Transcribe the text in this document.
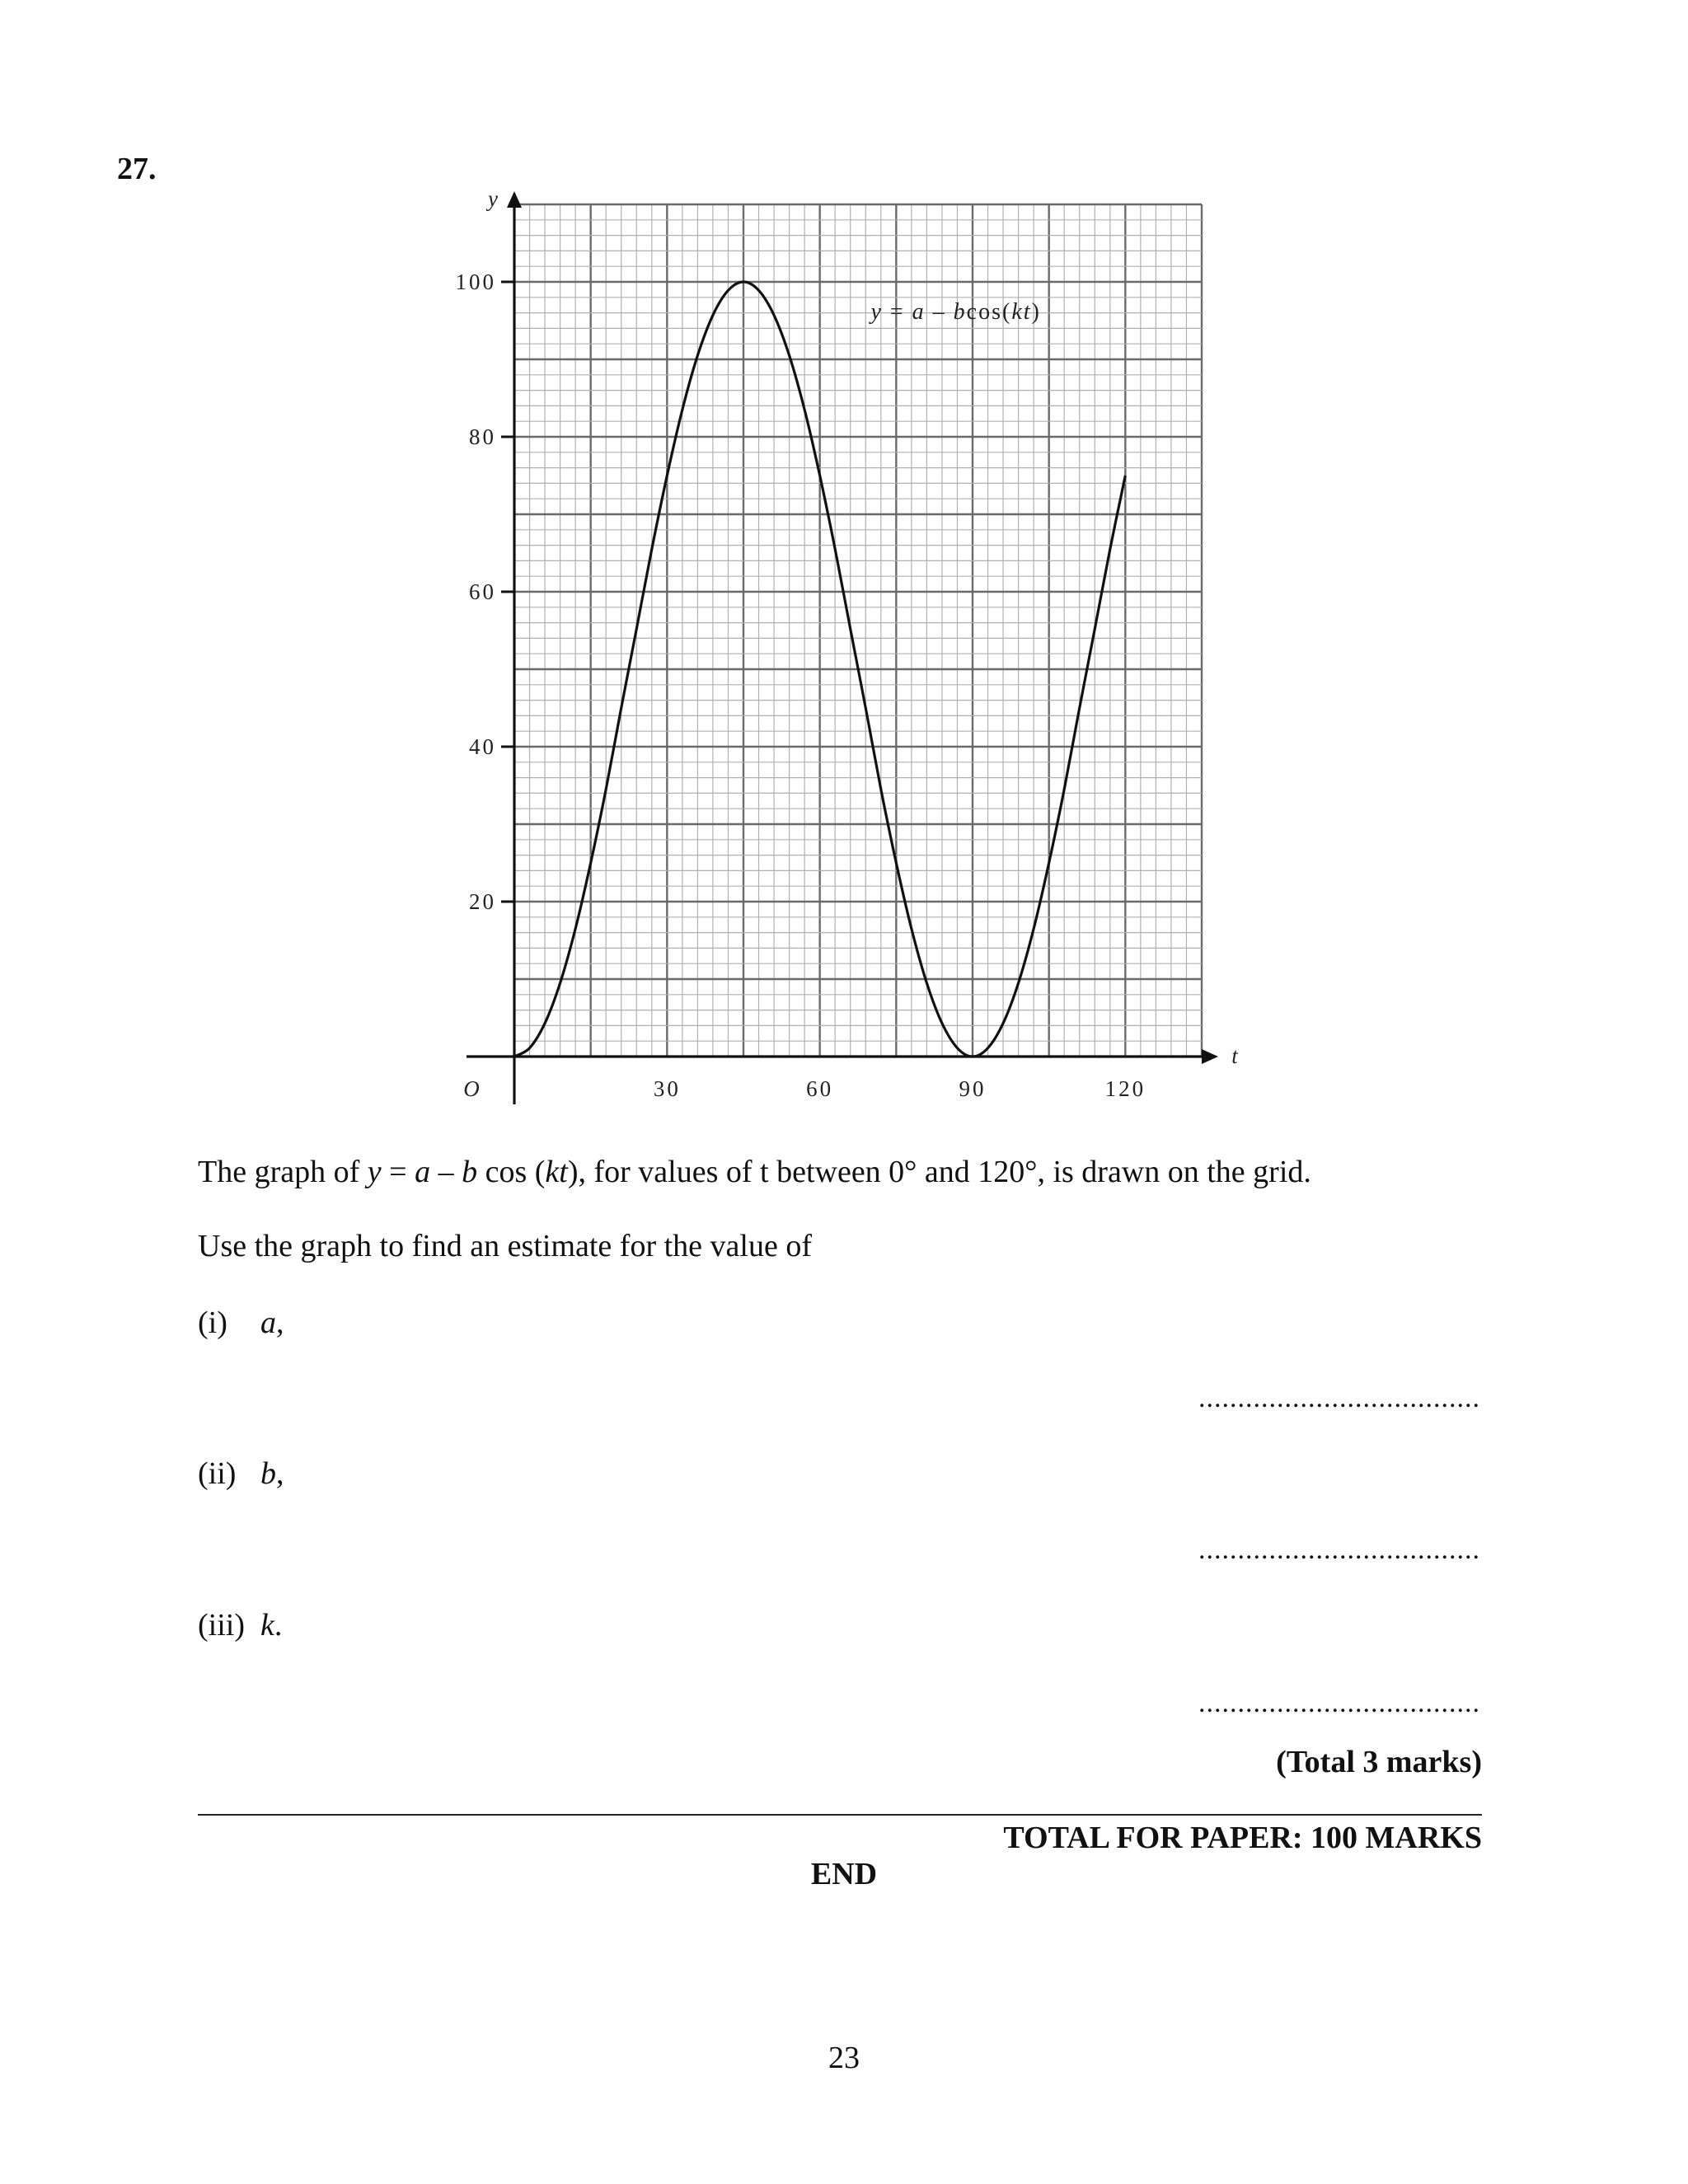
27.
20
40
60
80
100
30	60	90	120
y
t
O
y = a – bcos(kt)
The graph of y = a – b cos (kt), for values of t between 0° and 120°, is drawn on the grid.
Use the graph to find an estimate for the value of
(i) a,
....................................
(ii) b,
....................................
(iii) k.
....................................
(Total 3 marks)
TOTAL FOR PAPER: 100 MARKS
END
23
